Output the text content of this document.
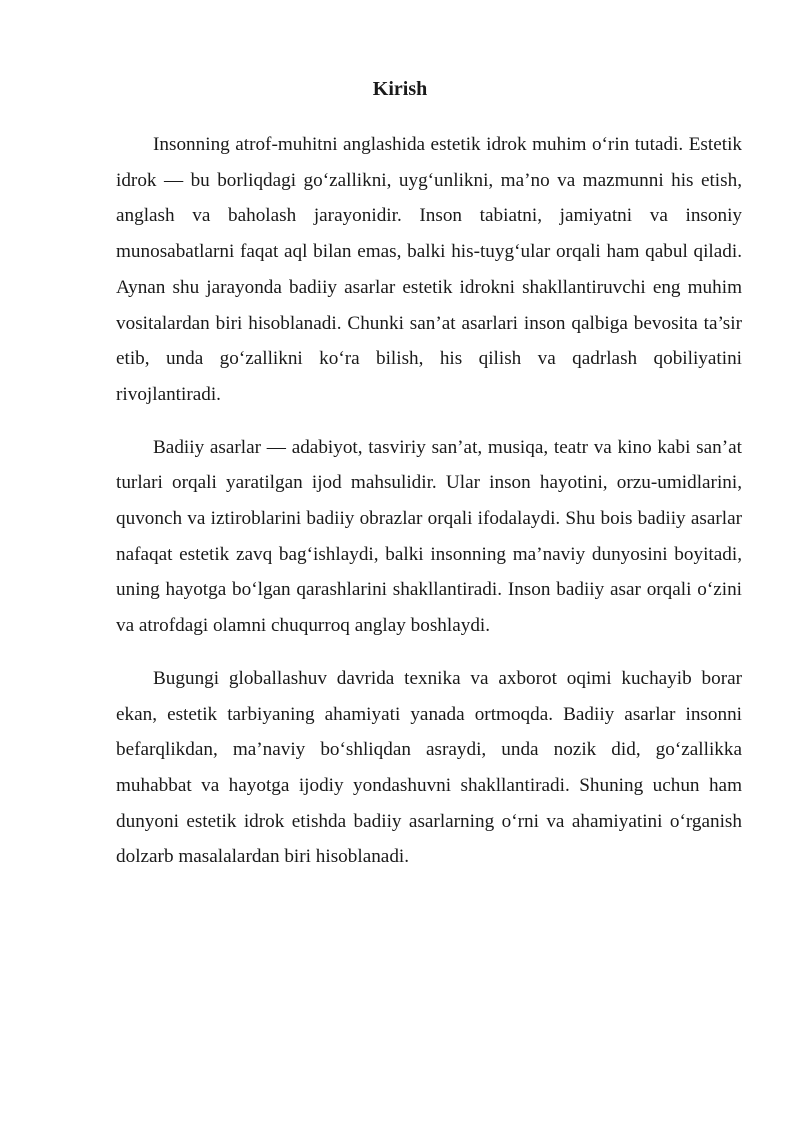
Kirish

Insonning atrof-muhitni anglashida estetik idrok muhim o‘rin tutadi. Estetik idrok — bu borliqdagi go‘zallikni, uyg‘unlikni, ma’no va mazmunni his etish, anglash va baholash jarayonidir. Inson tabiatni, jamiyatni va insoniy munosabatlarni faqat aql bilan emas, balki his-tuyg‘ular orqali ham qabul qiladi. Aynan shu jarayonda badiiy asarlar estetik idrokni shakllantiruvchi eng muhim vositalardan biri hisoblanadi. Chunki san’at asarlari inson qalbiga bevosita ta’sir etib, unda go‘zallikni ko‘ra bilish, his qilish va qadrlash qobiliyatini rivojlantiradi.

Badiiy asarlar — adabiyot, tasviriy san’at, musiqa, teatr va kino kabi san’at turlari orqali yaratilgan ijod mahsulidir. Ular inson hayotini, orzu-umidlarini, quvonch va iztiroblarini badiiy obrazlar orqali ifodalaydi. Shu bois badiiy asarlar nafaqat estetik zavq bag‘ishlaydi, balki insonning ma’naviy dunyosini boyitadi, uning hayotga bo‘lgan qarashlarini shakllantiradi. Inson badiiy asar orqali o‘zini va atrofdagi olamni chuqurroq anglay boshlaydi.

Bugungi globallashuv davrida texnika va axborot oqimi kuchayib borar ekan, estetik tarbiyaning ahamiyati yanada ortmoqda. Badiiy asarlar insonni befarqlikdan, ma’naviy bo‘shliqdan asraydi, unda nozik did, go‘zallikka muhabbat va hayotga ijodiy yondashuvni shakllantiradi. Shuning uchun ham dunyoni estetik idrok etishda badiiy asarlarning o‘rni va ahamiyatini o‘rganish dolzarb masalalardan biri hisoblanadi.
